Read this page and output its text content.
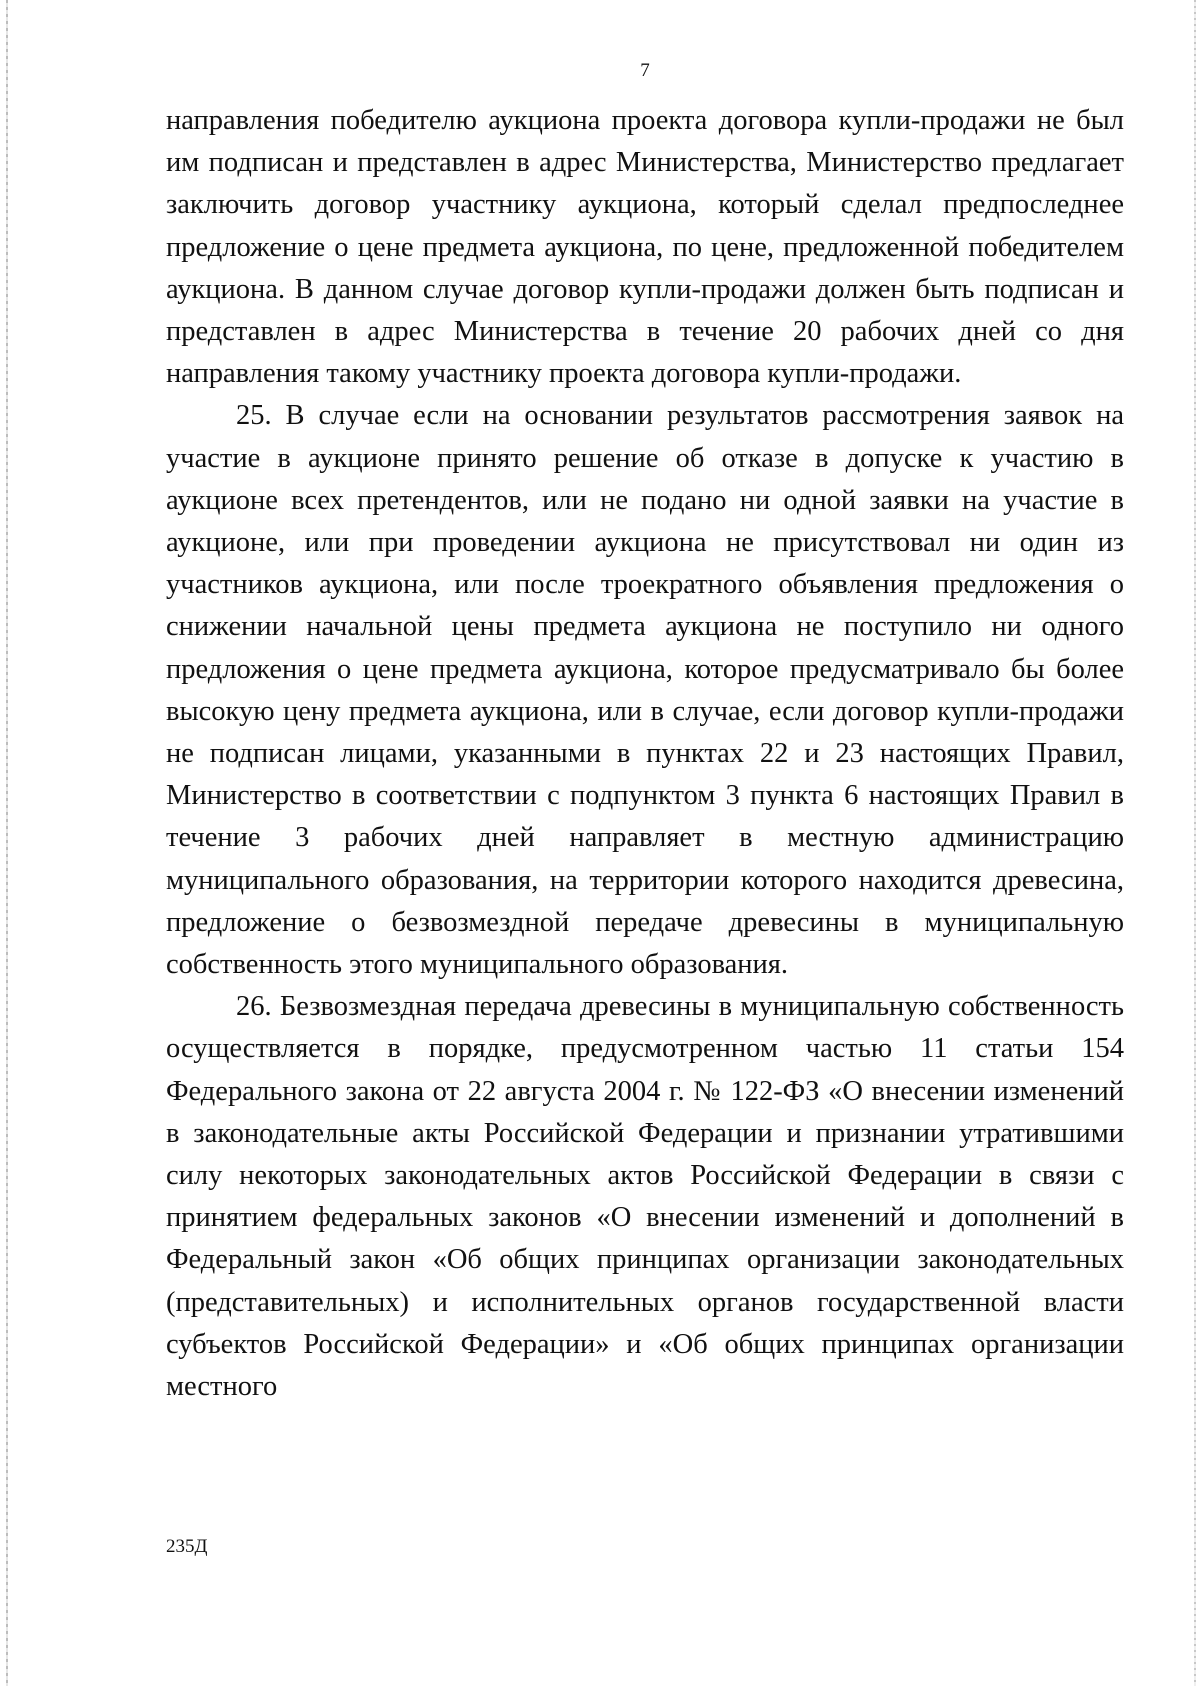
7

направления победителю аукциона проекта договора купли-продажи не был им подписан и представлен в адрес Министерства, Министерство предлагает заключить договор участнику аукциона, который сделал предпоследнее предложение о цене предмета аукциона, по цене, предложенной победителем аукциона. В данном случае договор купли-продажи должен быть подписан и представлен в адрес Министерства в течение 20 рабочих дней со дня направления такому участнику проекта договора купли-продажи.

25. В случае если на основании результатов рассмотрения заявок на участие в аукционе принято решение об отказе в допуске к участию в аукционе всех претендентов, или не подано ни одной заявки на участие в аукционе, или при проведении аукциона не присутствовал ни один из участников аукциона, или после троекратного объявления предложения о снижении начальной цены предмета аукциона не поступило ни одного предложения о цене предмета аукциона, которое предусматривало бы более высокую цену предмета аукциона, или в случае, если договор купли-продажи не подписан лицами, указанными в пунктах 22 и 23 настоящих Правил, Министерство в соответствии с подпунктом 3 пункта 6 настоящих Правил в течение 3 рабочих дней направляет в местную администрацию муниципального образования, на территории которого находится древесина, предложение о безвозмездной передаче древесины в муниципальную собственность этого муниципального образования.

26. Безвозмездная передача древесины в муниципальную собственность осуществляется в порядке, предусмотренном частью 11 статьи 154 Федерального закона от 22 августа 2004 г. № 122-ФЗ «О внесении изменений в законодательные акты Российской Федерации и признании утратившими силу некоторых законодательных актов Российской Федерации в связи с принятием федеральных законов «О внесении изменений и дополнений в Федеральный закон «Об общих принципах организации законодательных (представительных) и исполнительных органов государственной власти субъектов Российской Федерации» и «Об общих принципах организации местного

235Д
